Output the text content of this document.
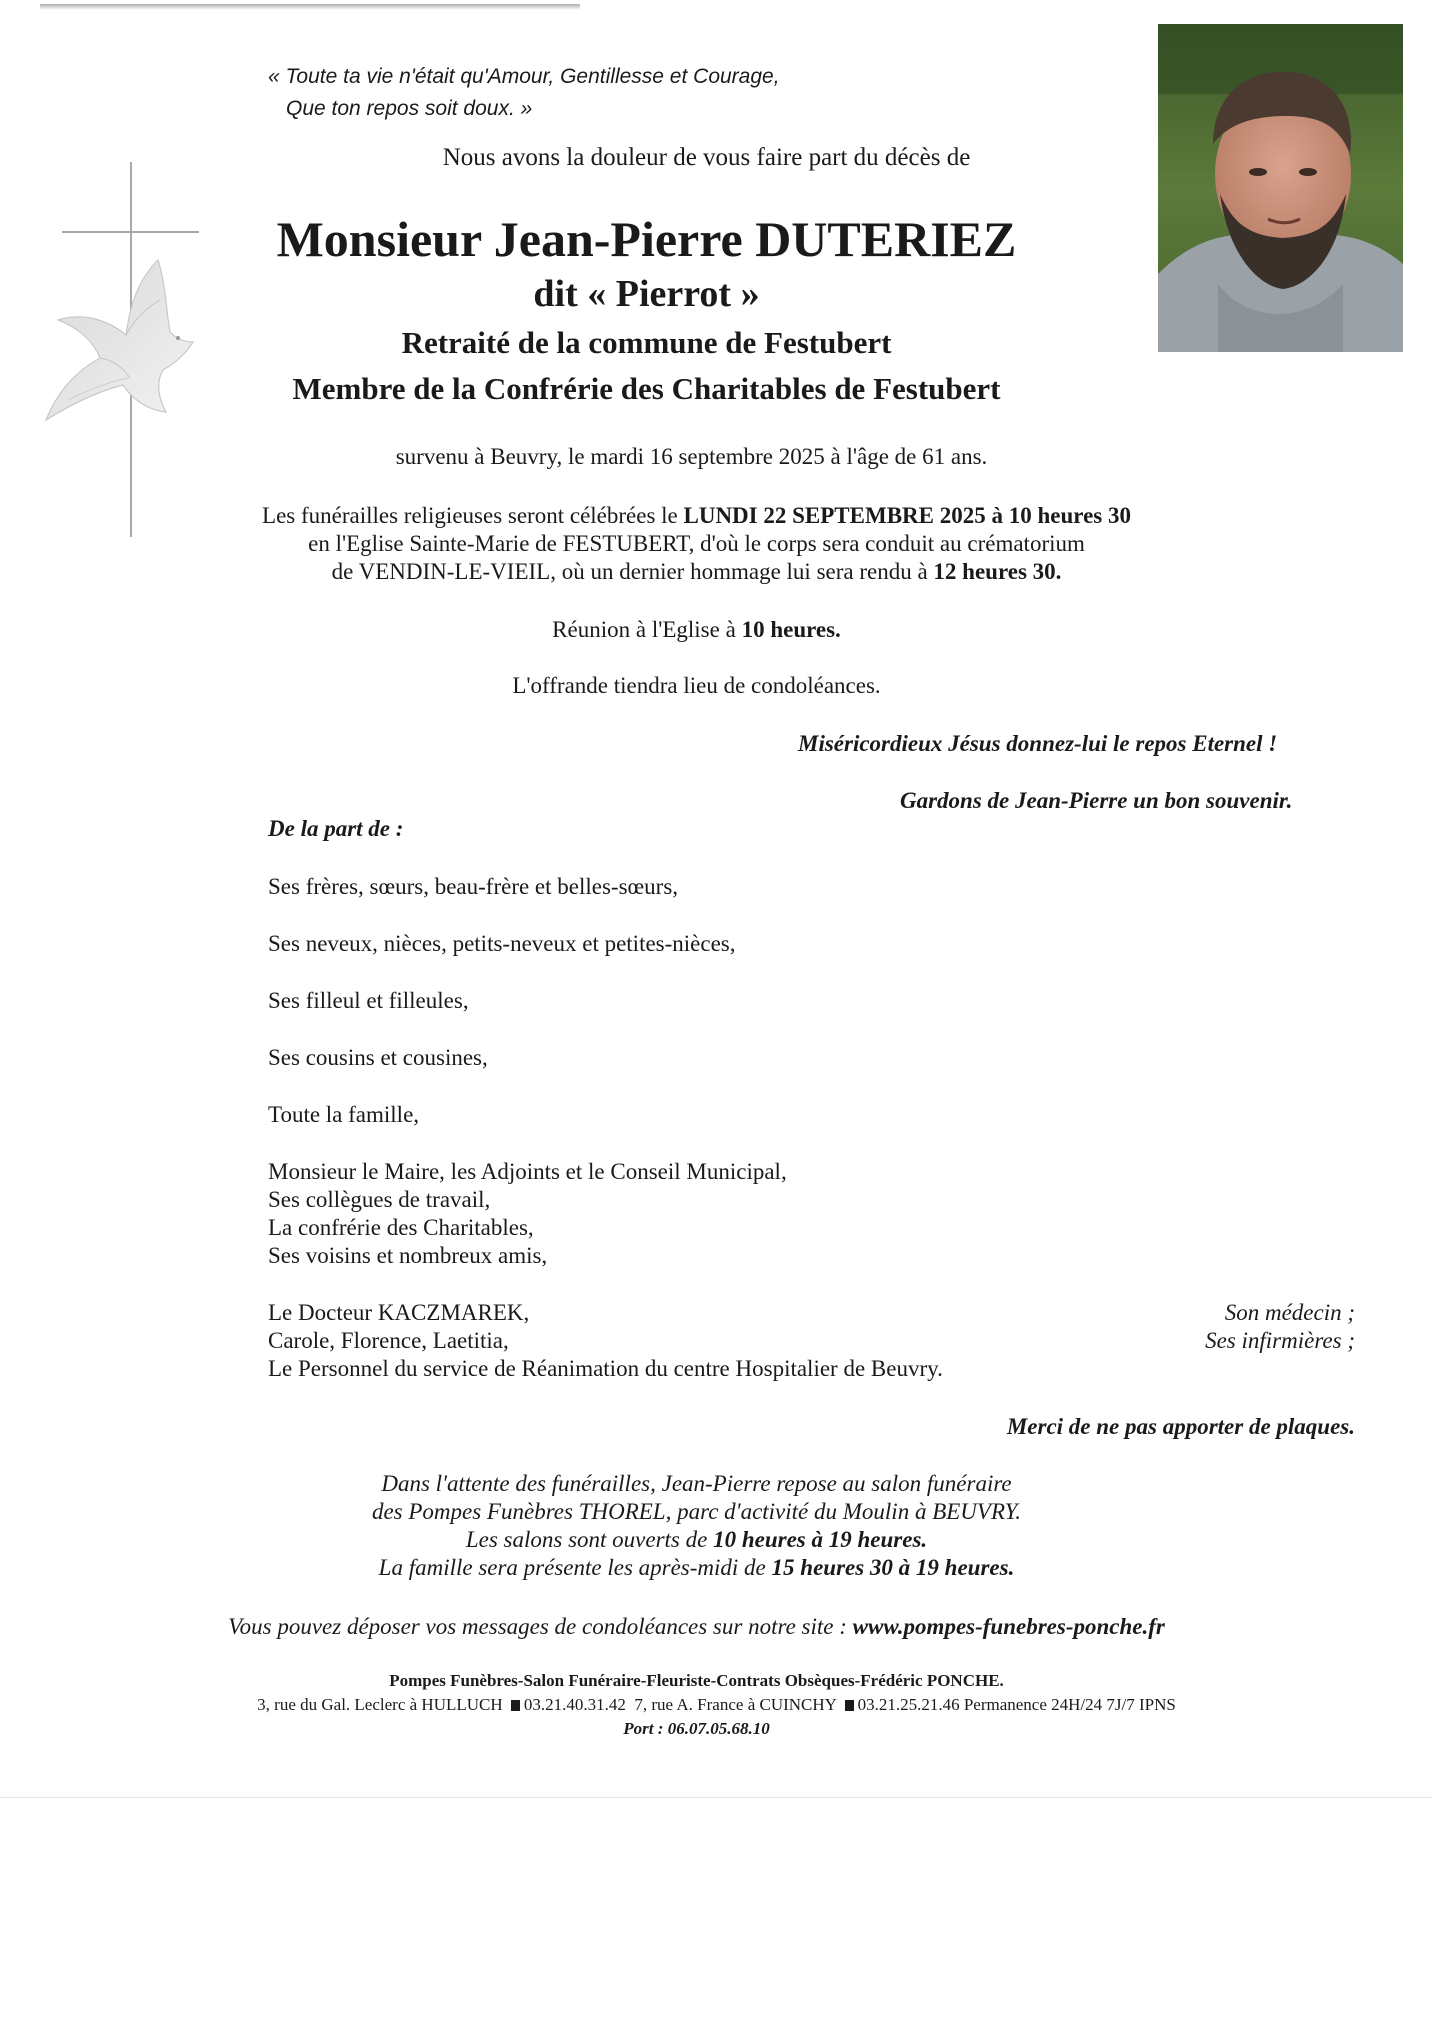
« Toute ta vie n'était qu'Amour, Gentillesse et Courage,
Que ton repos soit doux. »
Nous avons la douleur de vous faire part du décès de
Monsieur Jean-Pierre DUTERIEZ
dit « Pierrot »
Retraité de la commune de Festubert
Membre de la Confrérie des Charitables de Festubert
survenu à Beuvry, le mardi 16 septembre 2025 à l'âge de 61 ans.
Les funérailles religieuses seront célébrées le LUNDI 22 SEPTEMBRE 2025 à 10 heures 30
en l'Eglise Sainte-Marie de FESTUBERT, d'où le corps sera conduit au crématorium
de VENDIN-LE-VIEIL, où un dernier hommage lui sera rendu à 12 heures 30.
Réunion à l'Eglise à 10 heures.
L'offrande tiendra lieu de condoléances.
Miséricordieux Jésus donnez-lui le repos Eternel !
Gardons de Jean-Pierre un bon souvenir.
De la part de :
Ses frères, sœurs, beau-frère et belles-sœurs,
Ses neveux, nièces, petits-neveux et petites-nièces,
Ses filleul et filleules,
Ses cousins et cousines,
Toute la famille,
Monsieur le Maire, les Adjoints et le Conseil Municipal,
Ses collègues de travail,
La confrérie des Charitables,
Ses voisins et nombreux amis,
Le Docteur KACZMAREK,
Carole, Florence, Laetitia,
Le Personnel du service de Réanimation du centre Hospitalier de Beuvry.
Son médecin ;
Ses infirmières ;
Merci de ne pas apporter de plaques.
Dans l'attente des funérailles, Jean-Pierre repose au salon funéraire
des Pompes Funèbres THOREL, parc d'activité du Moulin à BEUVRY.
Les salons sont ouverts de 10 heures à 19 heures.
La famille sera présente les après-midi de 15 heures 30 à 19 heures.
Vous pouvez déposer vos messages de condoléances sur notre site : www.pompes-funebres-ponche.fr
Pompes Funèbres-Salon Funéraire-Fleuriste-Contrats Obsèques-Frédéric PONCHE.
3, rue du Gal. Leclerc à HULLUCH 03.21.40.31.42 7, rue A. France à CUINCHY 03.21.25.21.46 Permanence 24H/24 7J/7 IPNS
Port : 06.07.05.68.10
